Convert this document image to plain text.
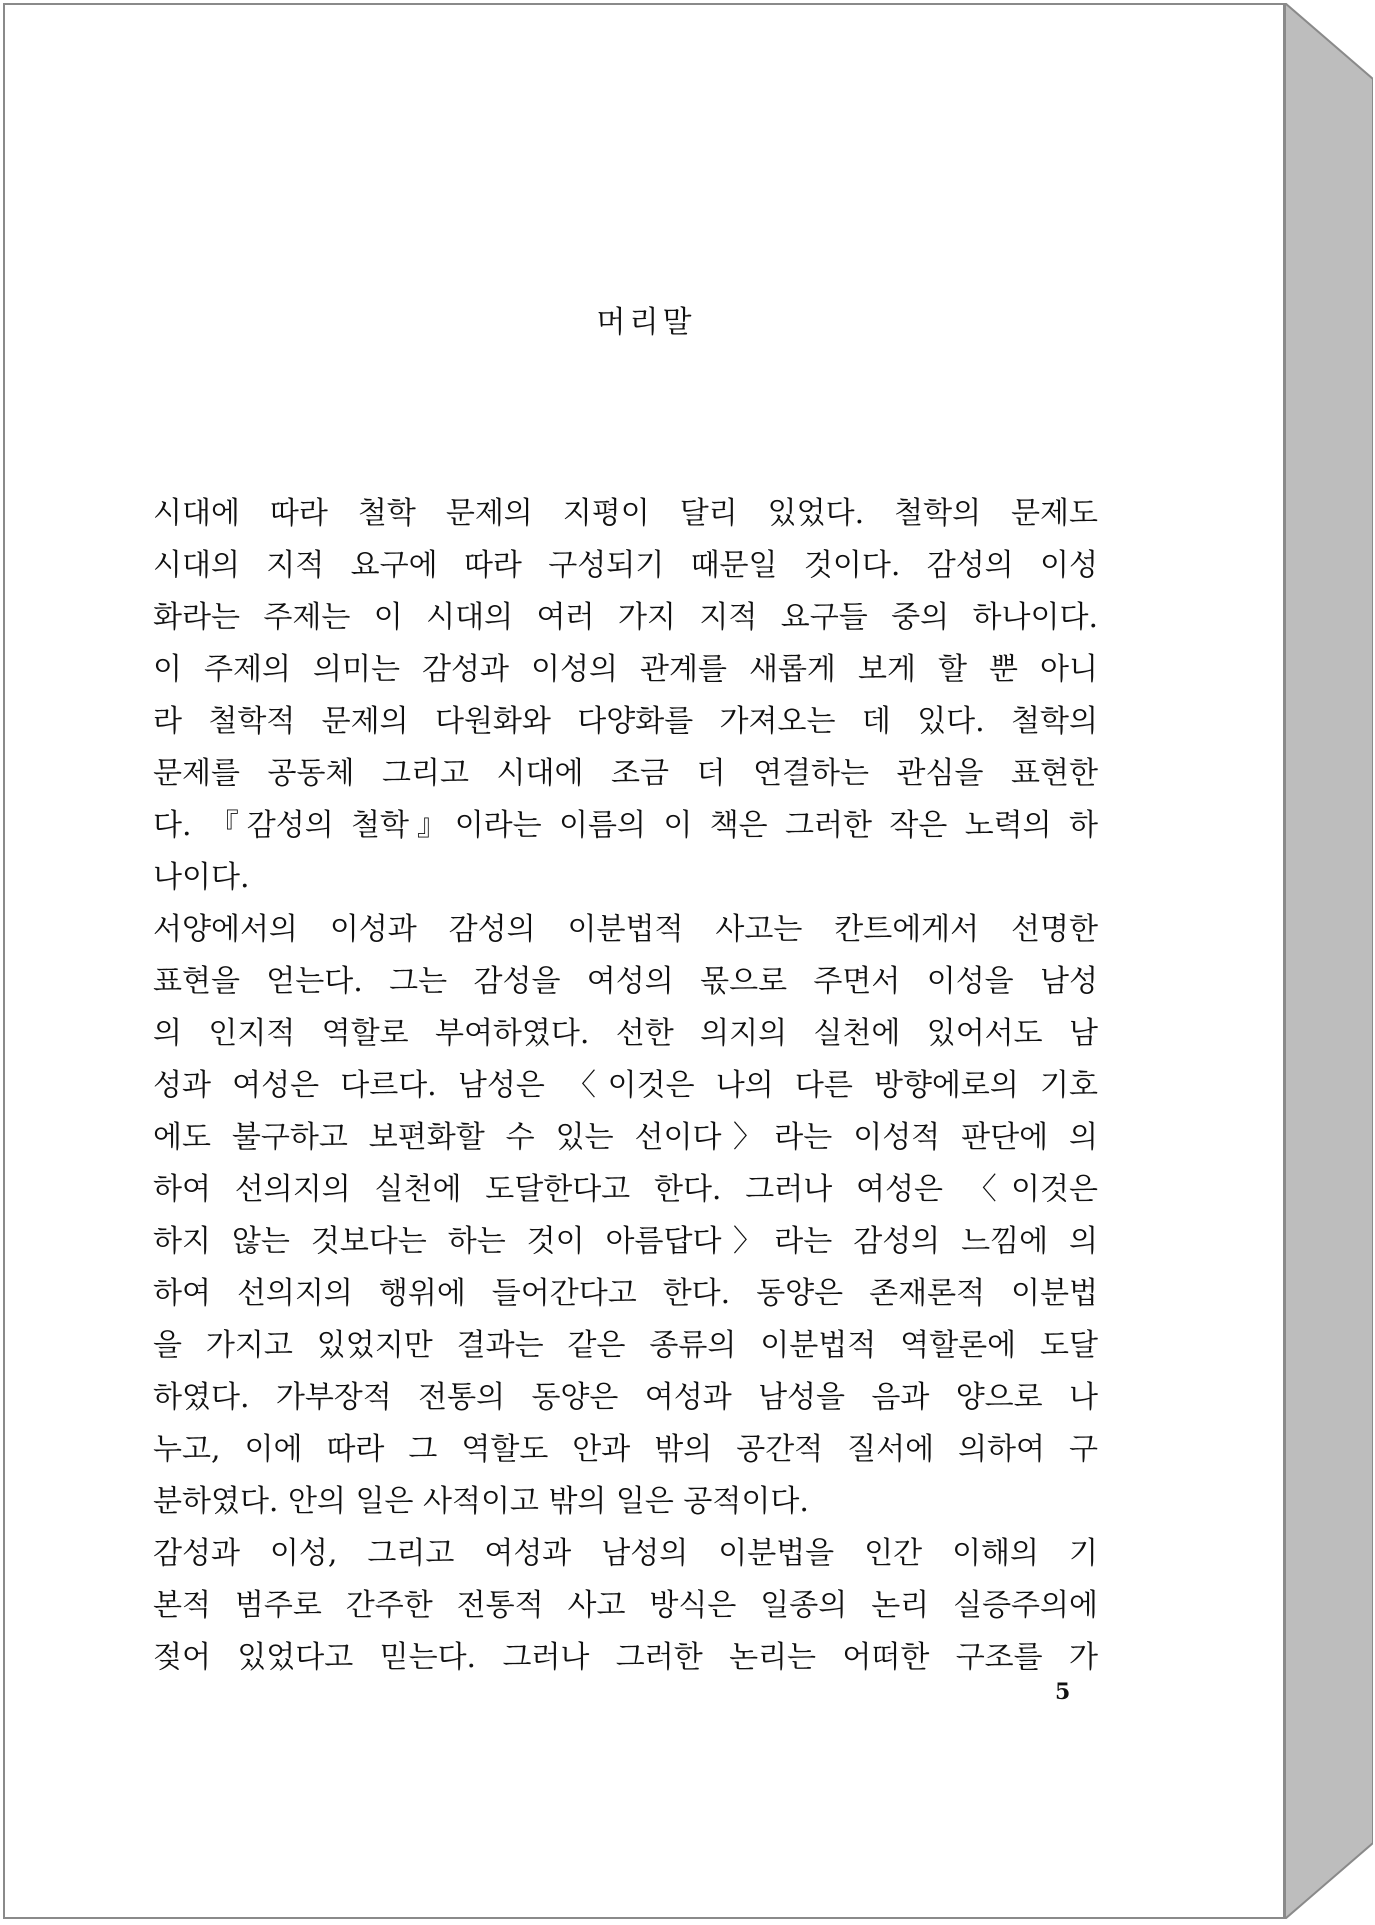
머리말
시대에 따라 철학 문제의 지평이 달리 있었다. 철학의 문제도
시대의 지적 요구에 따라 구성되기 때문일 것이다. 감성의 이성
화라는 주제는 이 시대의 여러 가지 지적 요구들 중의 하나이다.
이 주제의 의미는 감성과 이성의 관계를 새롭게 보게 할 뿐 아니
라 철학적 문제의 다원화와 다양화를 가져오는 데 있다. 철학의
문제를 공동체 그리고 시대에 조금 더 연결하는 관심을 표현한
다. 『감성의 철학』이라는 이름의 이 책은 그러한 작은 노력의 하
나이다.
서양에서의 이성과 감성의 이분법적 사고는 칸트에게서 선명한
표현을 얻는다. 그는 감성을 여성의 몫으로 주면서 이성을 남성
의 인지적 역할로 부여하였다. 선한 의지의 실천에 있어서도 남
성과 여성은 다르다. 남성은 〈이것은 나의 다른 방향에로의 기호
에도 불구하고 보편화할 수 있는 선이다〉라는 이성적 판단에 의
하여 선의지의 실천에 도달한다고 한다. 그러나 여성은 〈이것은
하지 않는 것보다는 하는 것이 아름답다〉라는 감성의 느낌에 의
하여 선의지의 행위에 들어간다고 한다. 동양은 존재론적 이분법
을 가지고 있었지만 결과는 같은 종류의 이분법적 역할론에 도달
하였다. 가부장적 전통의 동양은 여성과 남성을 음과 양으로 나
누고, 이에 따라 그 역할도 안과 밖의 공간적 질서에 의하여 구
분하였다. 안의 일은 사적이고 밖의 일은 공적이다.
감성과 이성, 그리고 여성과 남성의 이분법을 인간 이해의 기
본적 범주로 간주한 전통적 사고 방식은 일종의 논리 실증주의에
젖어 있었다고 믿는다. 그러나 그러한 논리는 어떠한 구조를 가
5
